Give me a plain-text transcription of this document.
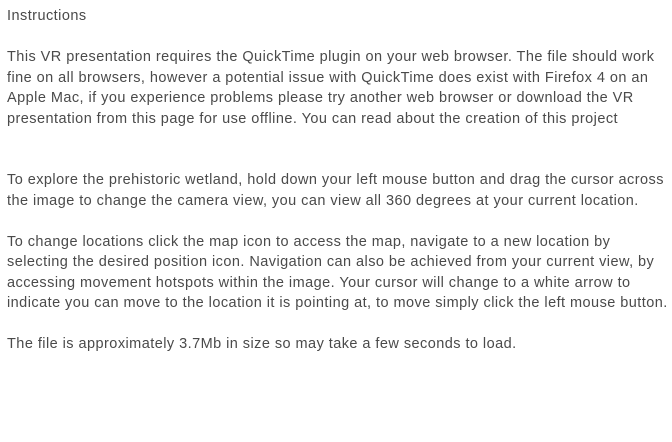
Instructions

This VR presentation requires the QuickTime plugin on your web browser. The file should work fine on all browsers, however a potential issue with QuickTime does exist with Firefox 4 on an Apple Mac, if you experience problems please try another web browser or download the VR presentation from this page for use offline. You can read about the creation of this project

To explore the prehistoric wetland, hold down your left mouse button and drag the cursor across the image to change the camera view, you can view all 360 degrees at your current location.

To change locations click the map icon to access the map, navigate to a new location by selecting the desired position icon. Navigation can also be achieved from your current view, by accessing movement hotspots within the image. Your cursor will change to a white arrow to indicate you can move to the location it is pointing at, to move simply click the left mouse button.

The file is approximately 3.7Mb in size so may take a few seconds to load.
